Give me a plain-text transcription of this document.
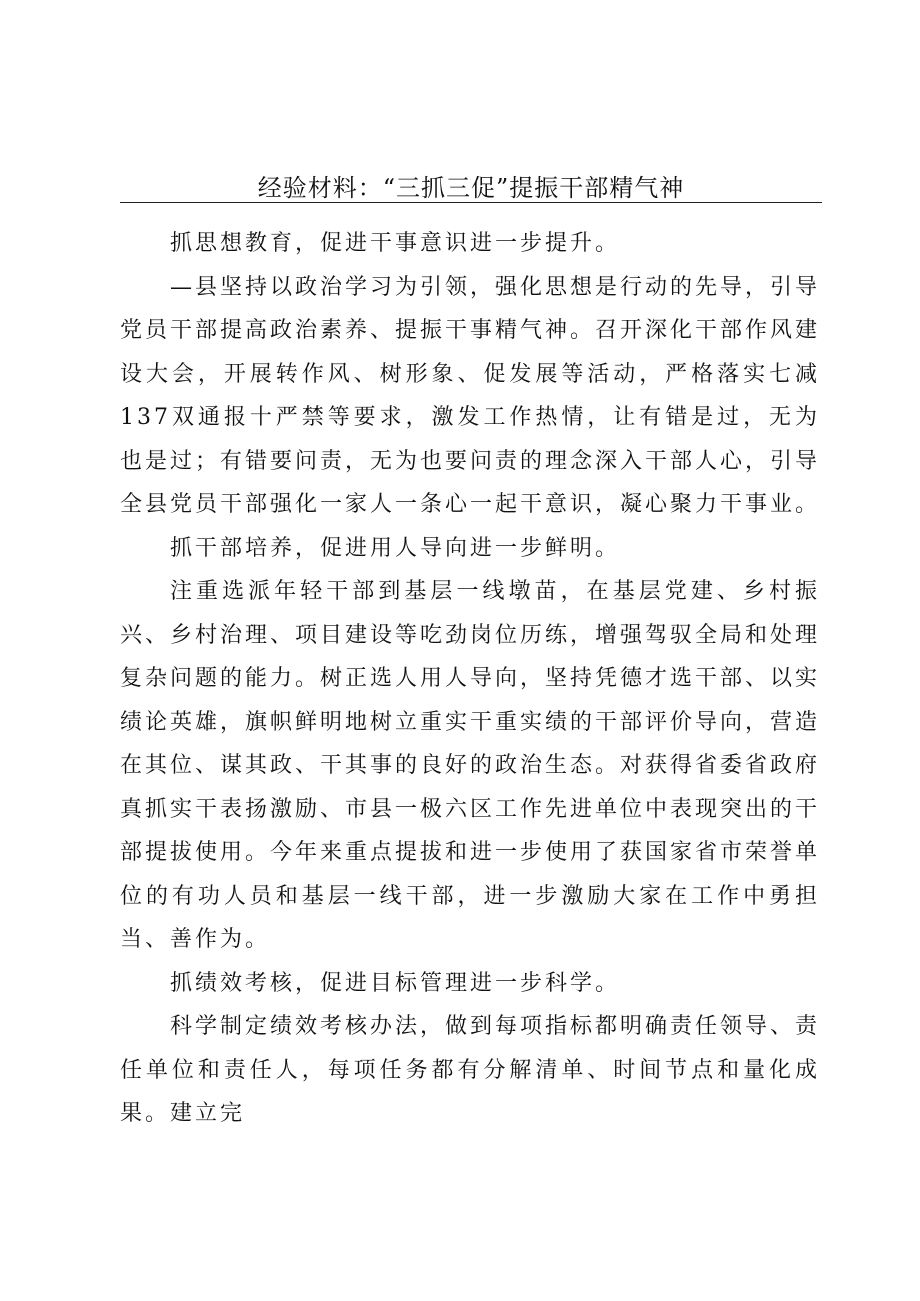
经验材料：“三抓三促”提振干部精气神

抓思想教育，促进干事意识进一步提升。

—县坚持以政治学习为引领，强化思想是行动的先导，引导党员干部提高政治素养、提振干事精气神。召开深化干部作风建设大会，开展转作风、树形象、促发展等活动，严格落实七减137双通报十严禁等要求，激发工作热情，让有错是过，无为也是过；有错要问责，无为也要问责的理念深入干部人心，引导全县党员干部强化一家人一条心一起干意识，凝心聚力干事业。

抓干部培养，促进用人导向进一步鲜明。

注重选派年轻干部到基层一线墩苗，在基层党建、乡村振兴、乡村治理、项目建设等吃劲岗位历练，增强驾驭全局和处理复杂问题的能力。树正选人用人导向，坚持凭德才选干部、以实绩论英雄，旗帜鲜明地树立重实干重实绩的干部评价导向，营造在其位、谋其政、干其事的良好的政治生态。对获得省委省政府真抓实干表扬激励、市县一极六区工作先进单位中表现突出的干部提拔使用。今年来重点提拔和进一步使用了获国家省市荣誉单位的有功人员和基层一线干部，进一步激励大家在工作中勇担当、善作为。

抓绩效考核，促进目标管理进一步科学。

科学制定绩效考核办法，做到每项指标都明确责任领导、责任单位和责任人，每项任务都有分解清单、时间节点和量化成果。建立完
